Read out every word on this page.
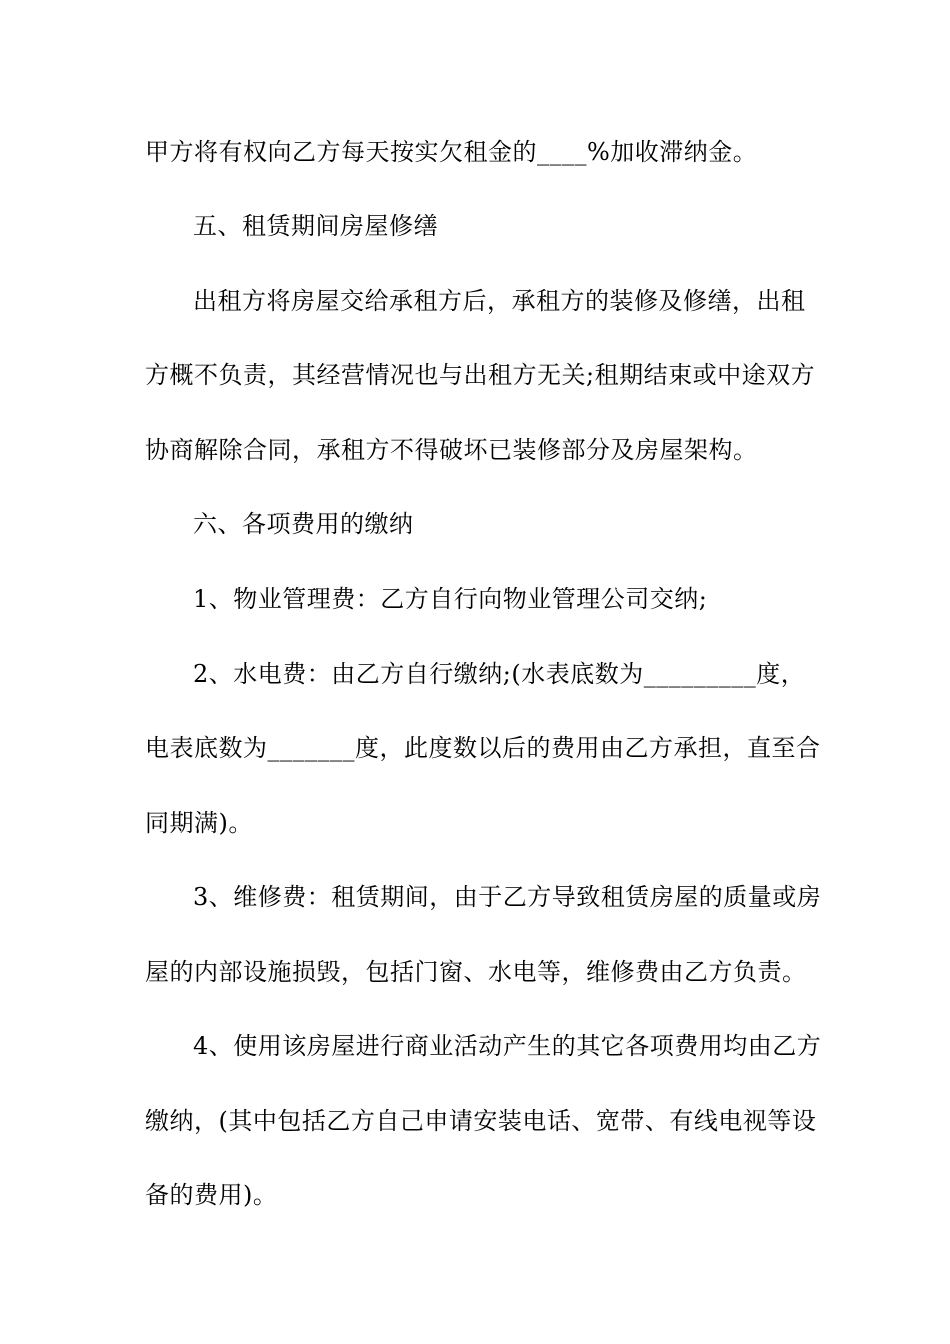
甲方将有权向乙方每天按实欠租金的____%加收滞纳金。
五、租赁期间房屋修缮
出租方将房屋交给承租方后，承租方的装修及修缮，出租
方概不负责，其经营情况也与出租方无关;租期结束或中途双方
协商解除合同，承租方不得破坏已装修部分及房屋架构。
六、各项费用的缴纳
1、物业管理费：乙方自行向物业管理公司交纳;
2、水电费：由乙方自行缴纳;(水表底数为_________度，
电表底数为_______度，此度数以后的费用由乙方承担，直至合
同期满)。
3、维修费：租赁期间，由于乙方导致租赁房屋的质量或房
屋的内部设施损毁，包括门窗、水电等，维修费由乙方负责。
4、使用该房屋进行商业活动产生的其它各项费用均由乙方
缴纳，(其中包括乙方自己申请安装电话、宽带、有线电视等设
备的费用)。
